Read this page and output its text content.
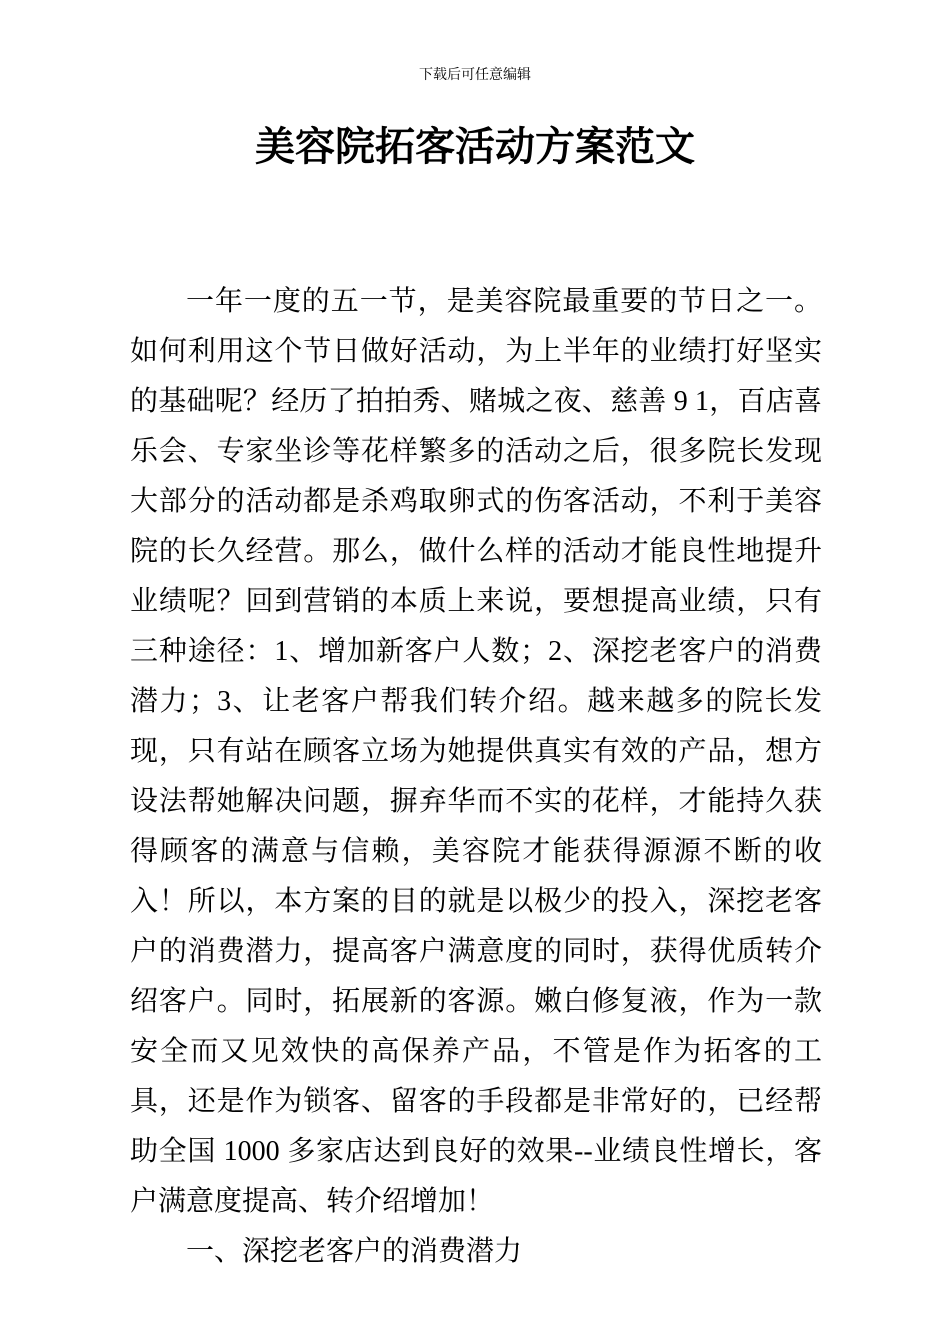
下载后可任意编辑
美容院拓客活动方案范文

一年一度的五一节，是美容院最重要的节日之一。如何利用这个节日做好活动，为上半年的业绩打好坚实的基础呢？经历了拍拍秀、赌城之夜、慈善 9 1，百店喜乐会、专家坐诊等花样繁多的活动之后，很多院长发现大部分的活动都是杀鸡取卵式的伤客活动，不利于美容院的长久经营。那么，做什么样的活动才能良性地提升业绩呢？回到营销的本质上来说，要想提高业绩，只有三种途径：1、增加新客户人数；2、深挖老客户的消费潜力；3、让老客户帮我们转介绍。越来越多的院长发现，只有站在顾客立场为她提供真实有效的产品，想方设法帮她解决问题，摒弃华而不实的花样，才能持久获得顾客的满意与信赖，美容院才能获得源源不断的收入！所以，本方案的目的就是以极少的投入，深挖老客户的消费潜力，提高客户满意度的同时，获得优质转介绍客户。同时，拓展新的客源。嫩白修复液，作为一款安全而又见效快的高保养产品，不管是作为拓客的工具，还是作为锁客、留客的手段都是非常好的，已经帮助全国 1000 多家店达到良好的效果--业绩良性增长，客户满意度提高、转介绍增加！

一、深挖老客户的消费潜力
